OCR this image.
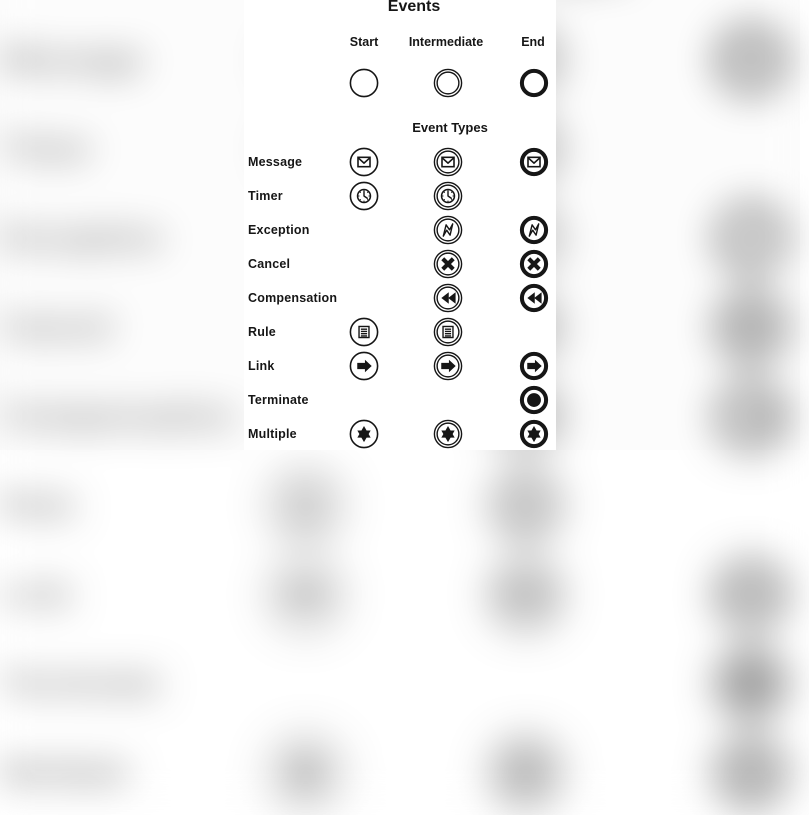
Message
Timer
Exception
Cancel
Compensation
Rule
Link
Terminate
Multiple
Events
Start Intermediate	End
Event Types
Message
Timer
Exception
Cancel
Compensation
Rule
Link
Terminate
Multiple
